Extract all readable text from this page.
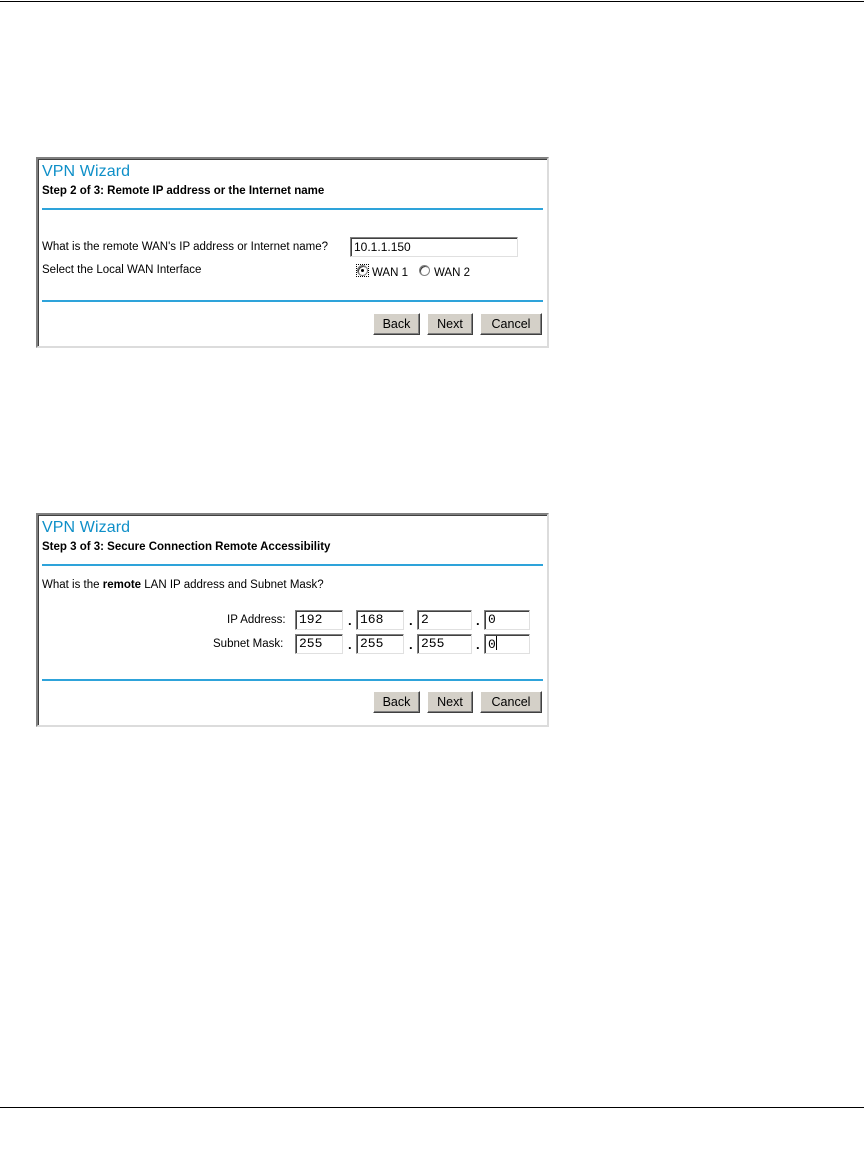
VPN Wizard
Step 2 of 3: Remote IP address or the Internet name
What is the remote WAN's IP address or Internet name?	10.1.1.150
Select the Local WAN Interface	WAN 1 WAN 2
Back	Next	Cancel
VPN Wizard
Step 3 of 3: Secure Connection Remote Accessibility
What is the remote LAN IP address and Subnet Mask?
IP Address:	192	. 168	. 2	. 0
Subnet Mask:	255	. 255	. 255	. 0
Back	Next	Cancel
